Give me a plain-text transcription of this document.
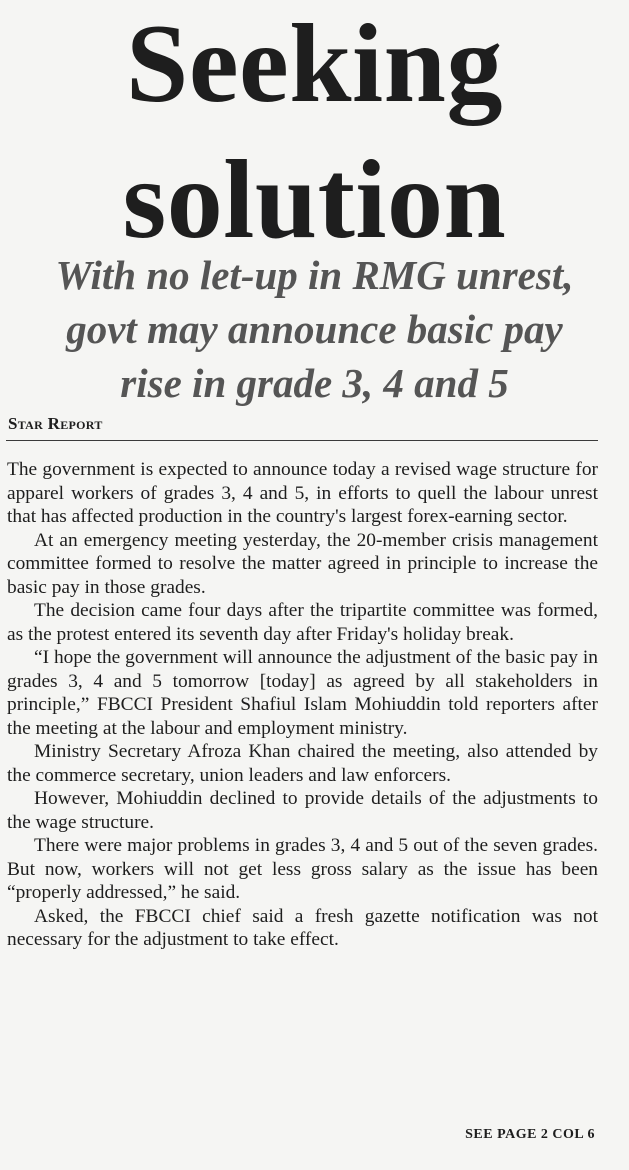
Seeking
solution
With no let-up in RMG unrest,
govt may announce basic pay
rise in grade 3, 4 and 5
Star Report

The government is expected to announce today a revised wage structure for apparel workers of grades 3, 4 and 5, in efforts to quell the labour unrest that has affected production in the country's largest forex-earning sector.

At an emergency meeting yesterday, the 20-member crisis management committee formed to resolve the matter agreed in principle to increase the basic pay in those grades.

The decision came four days after the tripartite committee was formed, as the protest entered its seventh day after Friday's holiday break.

“I hope the government will announce the adjustment of the basic pay in grades 3, 4 and 5 tomorrow [today] as agreed by all stakeholders in principle,” FBCCI President Shafiul Islam Mohiuddin told reporters after the meeting at the labour and employment ministry.

Ministry Secretary Afroza Khan chaired the meeting, also attended by the commerce secretary, union leaders and law enforcers.

However, Mohiuddin declined to provide details of the adjustments to the wage structure.

There were major problems in grades 3, 4 and 5 out of the seven grades. But now, workers will not get less gross salary as the issue has been “properly addressed,” he said.

Asked, the FBCCI chief said a fresh gazette notification was not necessary for the adjustment to take effect.

SEE PAGE 2 COL 6
